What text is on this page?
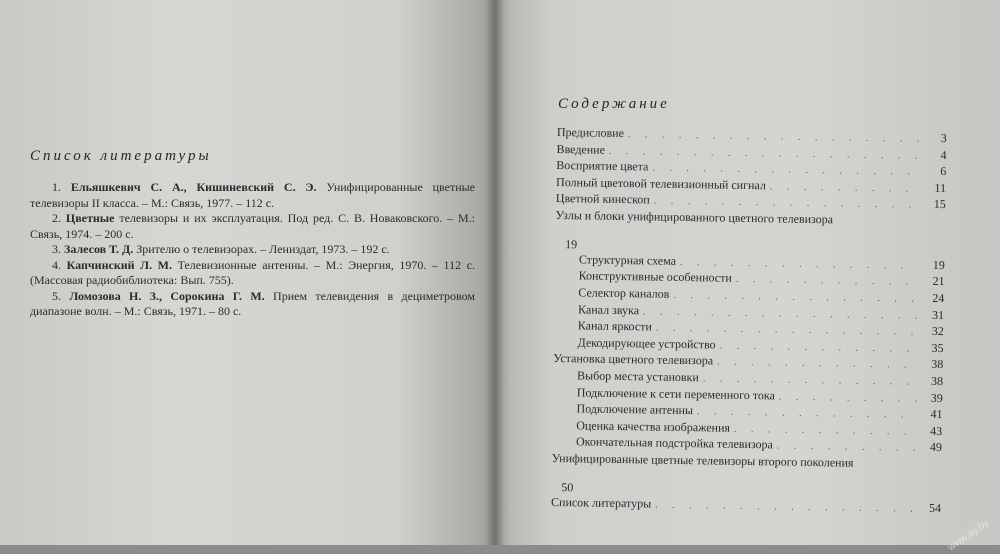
Список литературы

1. Ельяшкевич С. А., Кишиневский С. Э. Унифицированные цветные телевизоры II класса. – М.: Связь, 1977. – 112 с.

2. Цветные телевизоры и их эксплуатация. Под ред. С. В. Новаковского. – М.: Связь, 1974. – 200 с.

3. Залесов Т. Д. Зрителю о телевизорах. – Лениздат, 1973. – 192 с.

4. Капчинский Л. М. Телевизионные антенны. – М.: Энергия, 1970. – 112 с. (Массовая радиобиблиотека: Вып. 755).

5. Ломозова Н. З., Сорокина Г. М. Прием телевидения в дециметровом диапазоне волн. – М.: Связь, 1971. – 80 с.

Содержание
Предисловие . . .	3
Введение . . .	4
Восприятие цвета . . .	6
Полный цветовой телевизионный сигнал . . .	11
Цветной кинескоп . . .	15
Узлы и блоки унифицированного цветного телевизора
19
Структурная схема . . .	19
Конструктивные особенности . . .	21
Селектор каналов . . .	24
Канал звука . . .	31
Канал яркости . . .	32
Декодирующее устройство . . .	35
Установка цветного телевизора . . .	38
Выбор места установки . . .	38
Подключение к сети переменного тока . . .	39
Подключение антенны . . .	41
Оценка качества изображения . . .	43
Окончательная подстройка телевизора . . .	49
Унифицированные цветные телевизоры второго поколения
50
Список литературы . . .	54
www.ay.by
